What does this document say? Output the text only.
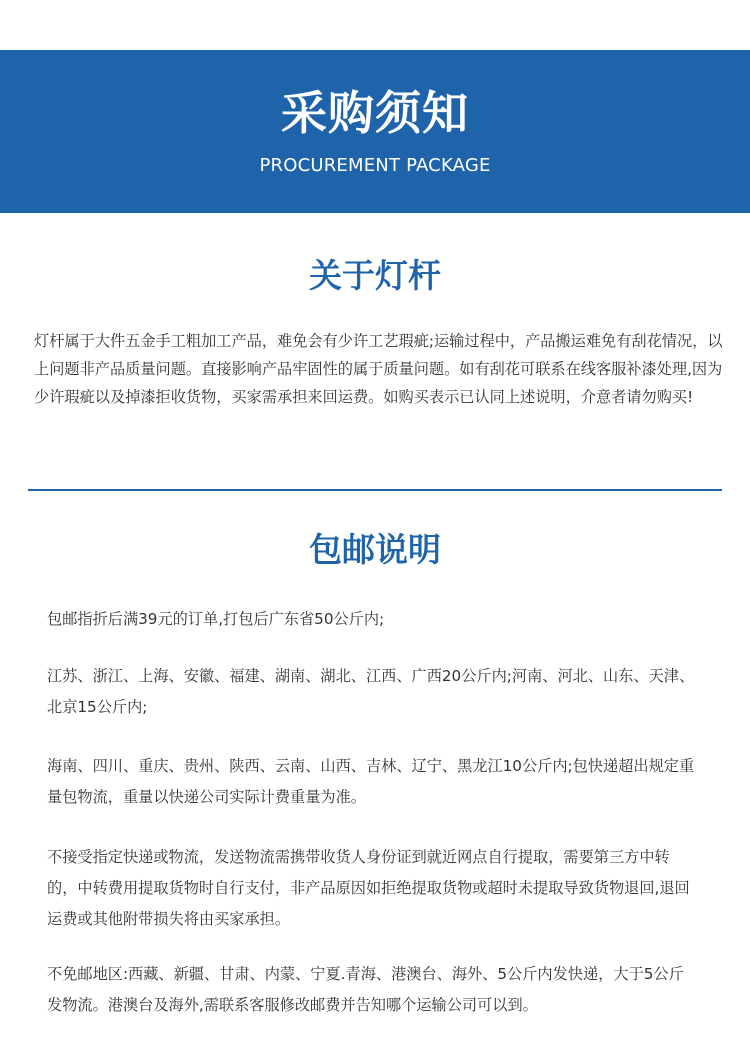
采购须知
PROCUREMENT PACKAGE
关于灯杆

灯杆属于大件五金手工粗加工产品，难免会有少许工艺瑕疵;运输过程中，产品搬运难免有刮花情况，以上问题非产品质量问题。直接影响产品牢固性的属于质量问题。如有刮花可联系在线客服补漆处理,因为少许瑕疵以及掉漆拒收货物，买家需承担来回运费。如购买表示已认同上述说明，介意者请勿购买!

包邮说明

包邮指折后满39元的订单,打包后广东省50公斤内;

江苏、浙江、上海、安徽、福建、湖南、湖北、江西、广西20公斤内;河南、河北、山东、天津、北京15公斤内;

海南、四川、重庆、贵州、陕西、云南、山西、吉林、辽宁、黑龙江10公斤内;包快递超出规定重量包物流，重量以快递公司实际计费重量为准。

不接受指定快递或物流，发送物流需携带收货人身份证到就近网点自行提取，需要第三方中转的，中转费用提取货物时自行支付，非产品原因如拒绝提取货物或超时未提取导致货物退回,退回运费或其他附带损失将由买家承担。

不免邮地区:西藏、新疆、甘肃、内蒙、宁夏.青海、港澳台、海外、5公斤内发快递，大于5公斤发物流。港澳台及海外,需联系客服修改邮费并告知哪个运输公司可以到。
